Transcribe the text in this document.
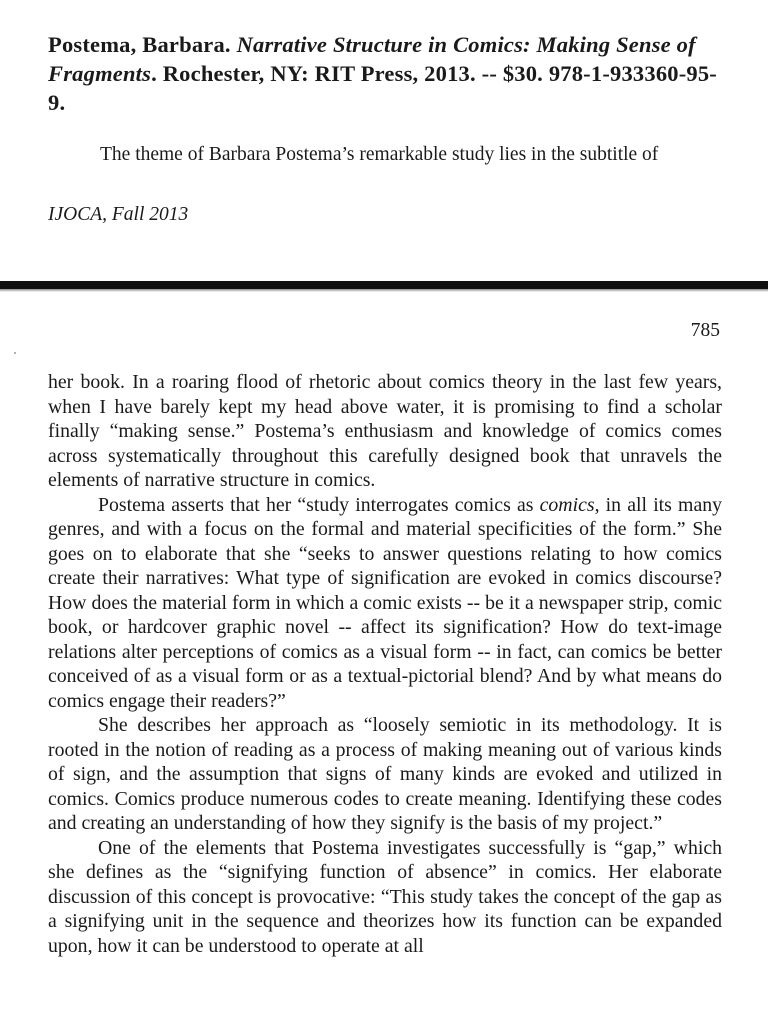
Postema, Barbara. Narrative Structure in Comics: Making Sense of Fragments. Rochester, NY: RIT Press, 2013. -- $30. 978-1-933360-95-9.
The theme of Barbara Postema’s remarkable study lies in the subtitle of
IJOCA, Fall 2013
785

her book. In a roaring flood of rhetoric about comics theory in the last few years, when I have barely kept my head above water, it is promising to find a scholar finally “making sense.” Postema’s enthusiasm and knowledge of comics comes across systematically throughout this carefully designed book that unravels the elements of narrative structure in comics.

Postema asserts that her “study interrogates comics as comics, in all its many genres, and with a focus on the formal and material specificities of the form.” She goes on to elaborate that she “seeks to answer questions relating to how comics create their narratives: What type of signification are evoked in comics discourse? How does the material form in which a comic exists -- be it a newspaper strip, comic book, or hardcover graphic novel -- affect its signification? How do text-image relations alter perceptions of comics as a visual form -- in fact, can comics be better conceived of as a visual form or as a textual-pictorial blend? And by what means do comics engage their readers?”

She describes her approach as “loosely semiotic in its methodology. It is rooted in the notion of reading as a process of making meaning out of various kinds of sign, and the assumption that signs of many kinds are evoked and utilized in comics. Comics produce numerous codes to create meaning. Identifying these codes and creating an understanding of how they signify is the basis of my project.”

One of the elements that Postema investigates successfully is “gap,” which she defines as the “signifying function of absence” in comics. Her elaborate discussion of this concept is provocative: “This study takes the concept of the gap as a signifying unit in the sequence and theorizes how its function can be expanded upon, how it can be understood to operate at all
